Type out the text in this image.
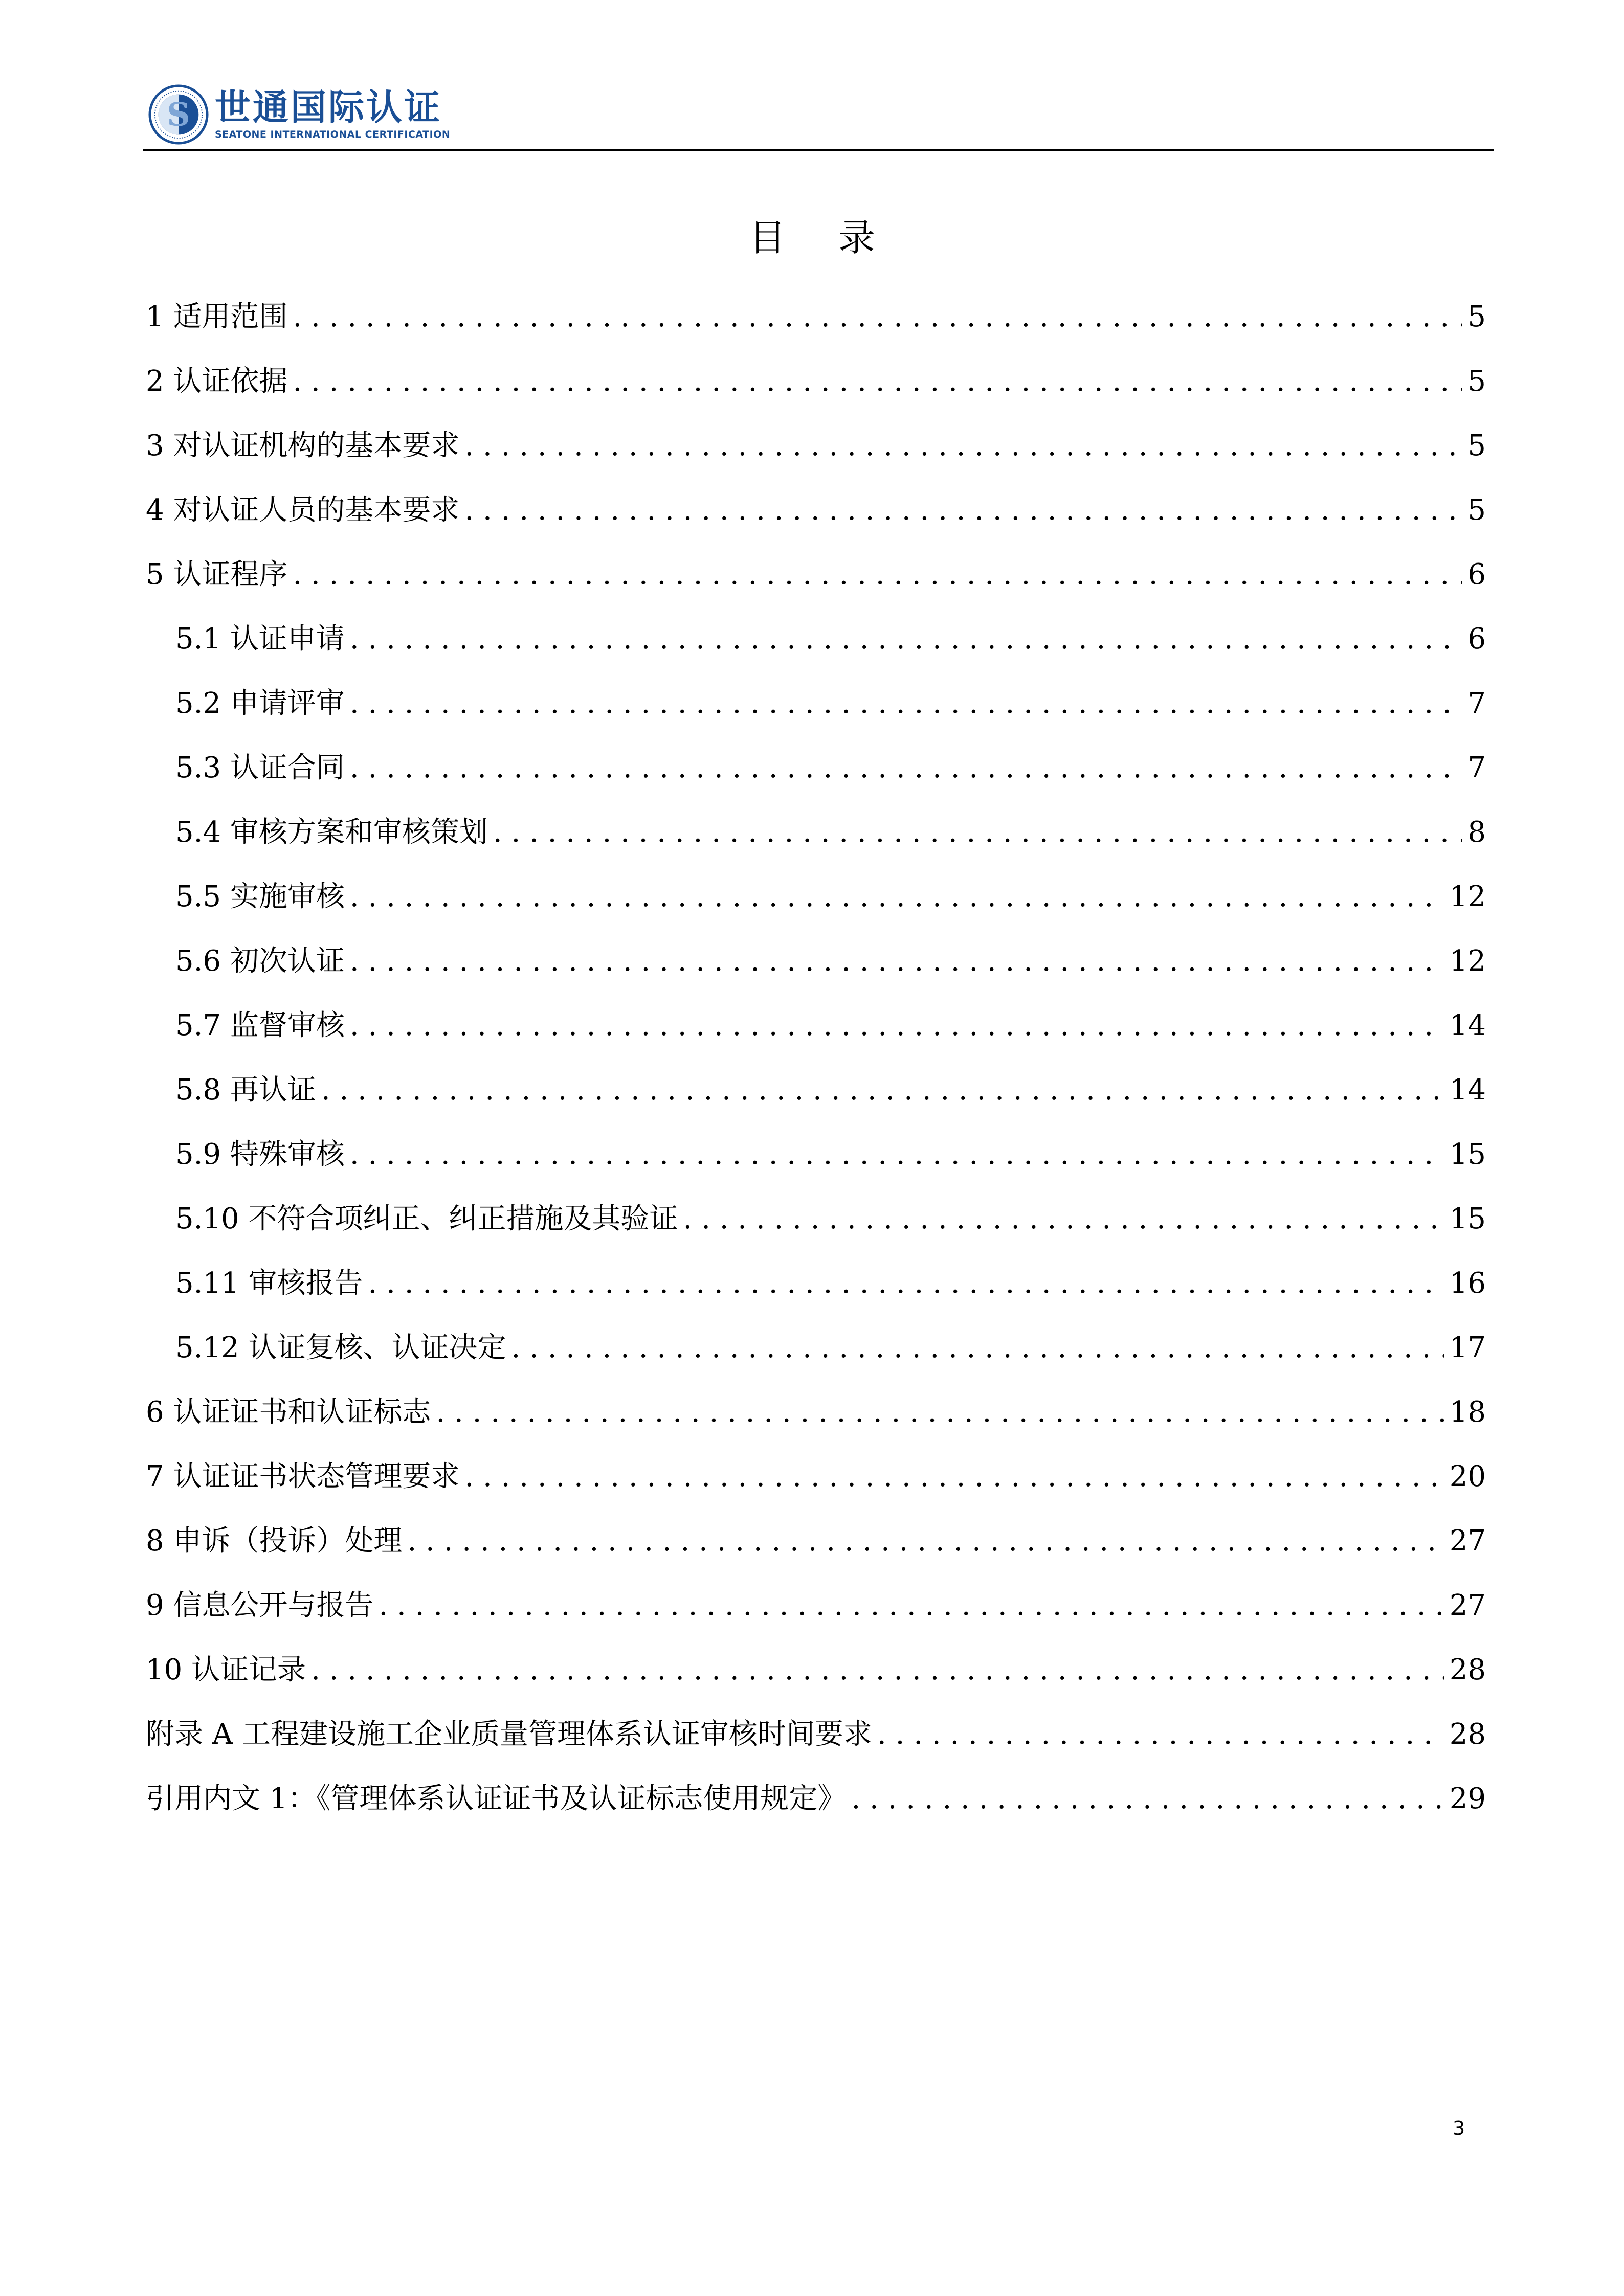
S 世通国际认证
SEATONE INTERNATIONAL CERTIFICATION
目 录
1 适用范围 . . .	5
2 认证依据 . . .	5
3 对认证机构的基本要求 . . .	5
4 对认证人员的基本要求 . . .	5
5 认证程序 . . .	6
5.1 认证申请 . . .	6
5.2 申请评审 . . .	7
5.3 认证合同 . . .	7
5.4 审核方案和审核策划 . . .	8
5.5 实施审核 . . .	12
5.6 初次认证 . . .	12
5.7 监督审核 . . .	14
5.8 再认证 . . .	14
5.9 特殊审核 . . .	15
5.10 不符合项纠正、纠正措施及其验证 . . .	15
5.11 审核报告 . . .	16
5.12 认证复核、认证决定 . . .	17
6 认证证书和认证标志 . . .	18
7 认证证书状态管理要求 . . .	20
8 申诉（投诉）处理 . . .	27
9 信息公开与报告 . . .	27
10 认证记录 . . .	28
附录 A 工程建设施工企业质量管理体系认证审核时间要求 . . .	28
引用内文 1：《管理体系认证证书及认证标志使用规定》 . . .	29
3
